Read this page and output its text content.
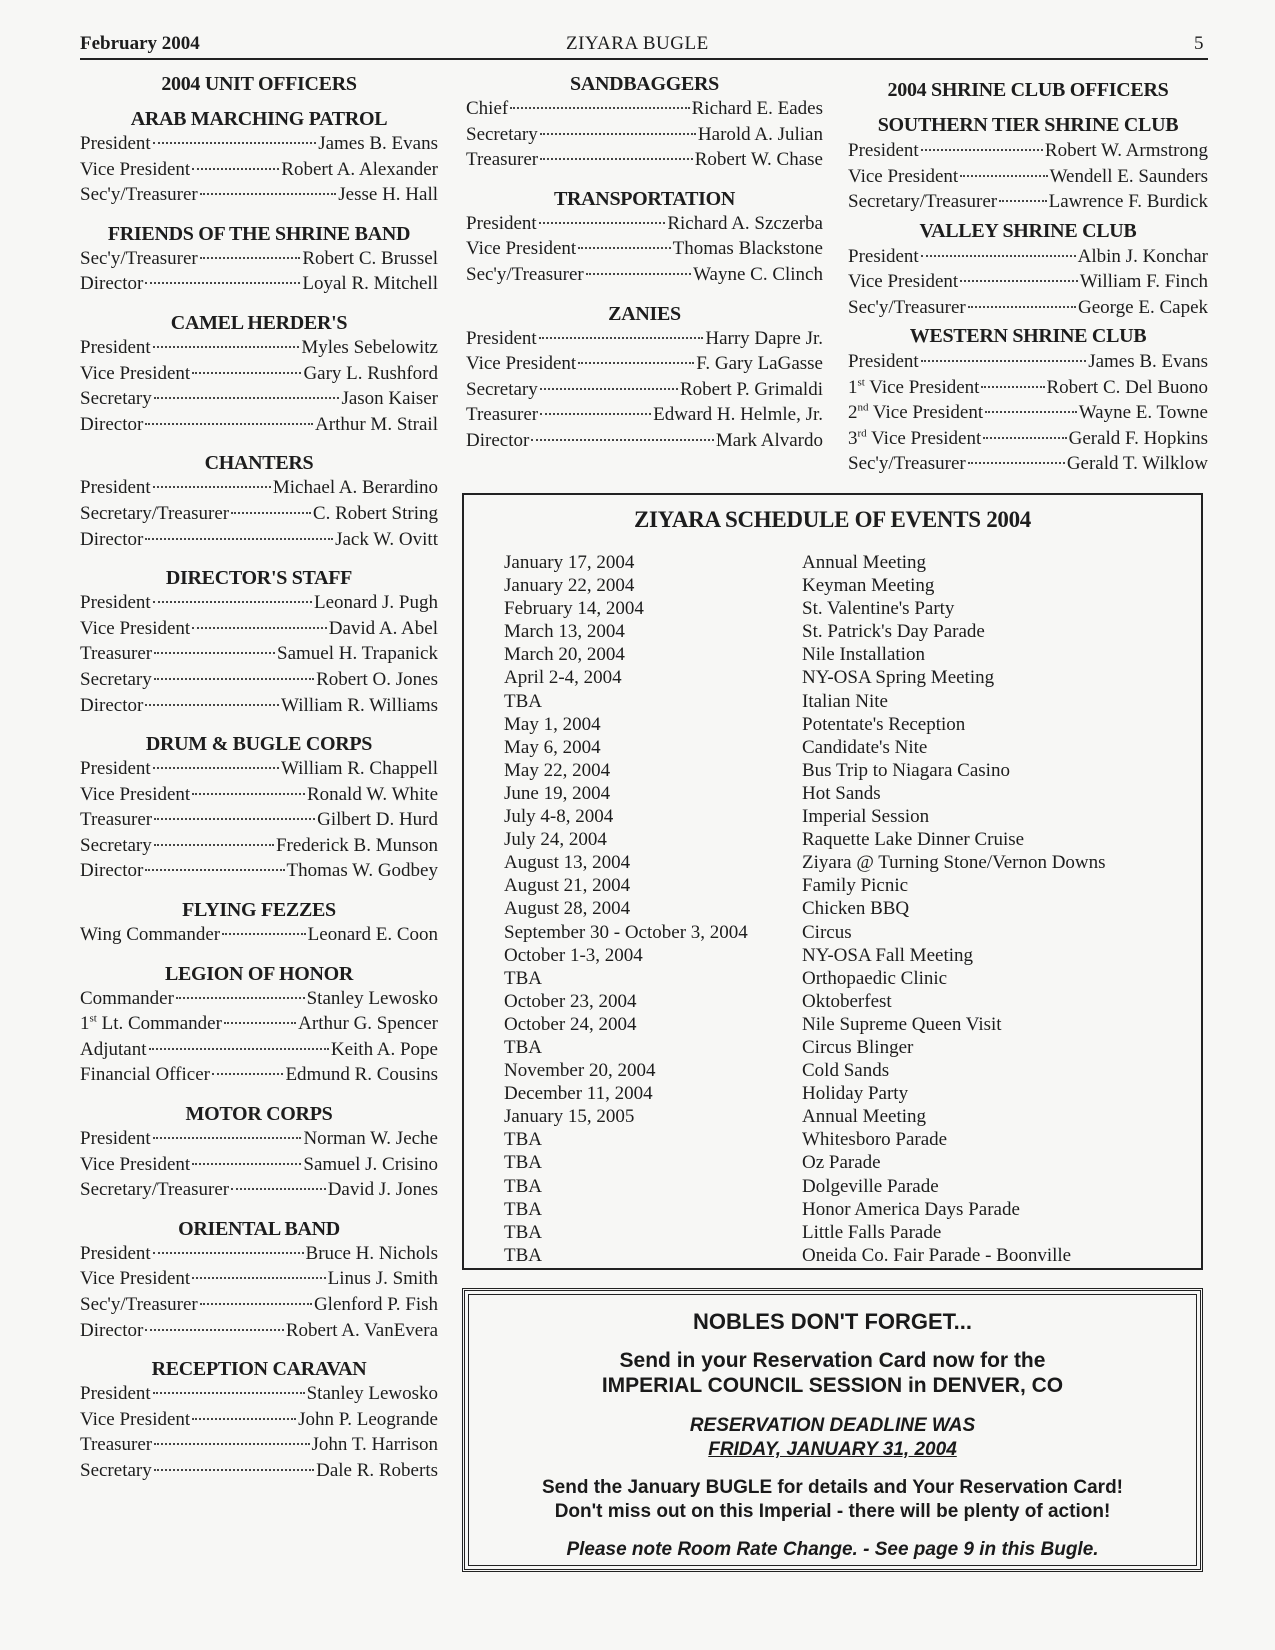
February 2004	ZIYARA BUGLE	5
2004 UNIT OFFICERS
ARAB MARCHING PATROL
President	James B. Evans
Vice President	Robert A. Alexander
Sec'y/Treasurer	Jesse H. Hall
FRIENDS OF THE SHRINE BAND
Sec'y/Treasurer	Robert C. Brussel
Director	Loyal R. Mitchell
CAMEL HERDER'S
President	Myles Sebelowitz
Vice President	Gary L. Rushford
Secretary	Jason Kaiser
Director	Arthur M. Strail
CHANTERS
President	Michael A. Berardino
Secretary/Treasurer	C. Robert String
Director	Jack W. Ovitt
DIRECTOR'S STAFF
President	Leonard J. Pugh
Vice President	David A. Abel
Treasurer	Samuel H. Trapanick
Secretary	Robert O. Jones
Director	William R. Williams
DRUM & BUGLE CORPS
President	William R. Chappell
Vice President	Ronald W. White
Treasurer	Gilbert D. Hurd
Secretary	Frederick B. Munson
Director	Thomas W. Godbey
FLYING FEZZES
Wing Commander	Leonard E. Coon
LEGION OF HONOR
Commander	Stanley Lewosko
1st Lt. Commander	Arthur G. Spencer
Adjutant	Keith A. Pope
Financial Officer	Edmund R. Cousins
MOTOR CORPS
President	Norman W. Jeche
Vice President	Samuel J. Crisino
Secretary/Treasurer	David J. Jones
ORIENTAL BAND
President	Bruce H. Nichols
Vice President	Linus J. Smith
Sec'y/Treasurer	Glenford P. Fish
Director	Robert A. VanEvera
RECEPTION CARAVAN
President	Stanley Lewosko
Vice President	John P. Leogrande
Treasurer	John T. Harrison
Secretary	Dale R. Roberts
SANDBAGGERS
Chief	Richard E. Eades
Secretary	Harold A. Julian
Treasurer	Robert W. Chase
TRANSPORTATION
President	Richard A. Szczerba
Vice President	Thomas Blackstone
Sec'y/Treasurer	Wayne C. Clinch
ZANIES
President	Harry Dapre Jr.
Vice President	F. Gary LaGasse
Secretary	Robert P. Grimaldi
Treasurer	Edward H. Helmle, Jr.
Director	Mark Alvardo
2004 SHRINE CLUB OFFICERS
SOUTHERN TIER SHRINE CLUB
President	Robert W. Armstrong
Vice President	Wendell E. Saunders
Secretary/Treasurer	Lawrence F. Burdick
VALLEY SHRINE CLUB
President	Albin J. Konchar
Vice President	William F. Finch
Sec'y/Treasurer	George E. Capek
WESTERN SHRINE CLUB
President	James B. Evans
1st Vice President	Robert C. Del Buono
2nd Vice President	Wayne E. Towne
3rd Vice President	Gerald F. Hopkins
Sec'y/Treasurer	Gerald T. Wilklow
ZIYARA SCHEDULE OF EVENTS 2004
January 17, 2004	Annual Meeting
January 22, 2004	Keyman Meeting
February 14, 2004	St. Valentine's Party
March 13, 2004	St. Patrick's Day Parade
March 20, 2004	Nile Installation
April 2-4, 2004	NY-OSA Spring Meeting
TBA	Italian Nite
May 1, 2004	Potentate's Reception
May 6, 2004	Candidate's Nite
May 22, 2004	Bus Trip to Niagara Casino
June 19, 2004	Hot Sands
July 4-8, 2004	Imperial Session
July 24, 2004	Raquette Lake Dinner Cruise
August 13, 2004	Ziyara @ Turning Stone/Vernon Downs
August 21, 2004	Family Picnic
August 28, 2004	Chicken BBQ
September 30 - October 3, 2004	Circus
October 1-3, 2004	NY-OSA Fall Meeting
TBA	Orthopaedic Clinic
October 23, 2004	Oktoberfest
October 24, 2004	Nile Supreme Queen Visit
TBA	Circus Blinger
November 20, 2004	Cold Sands
December 11, 2004	Holiday Party
January 15, 2005	Annual Meeting
TBA	Whitesboro Parade
TBA	Oz Parade
TBA	Dolgeville Parade
TBA	Honor America Days Parade
TBA	Little Falls Parade
TBA	Oneida Co. Fair Parade - Boonville
NOBLES DON'T FORGET...
Send in your Reservation Card now for the
IMPERIAL COUNCIL SESSION in DENVER, CO
RESERVATION DEADLINE WAS
FRIDAY, JANUARY 31, 2004
Send the January BUGLE for details and Your Reservation Card!
Don't miss out on this Imperial - there will be plenty of action!
Please note Room Rate Change. - See page 9 in this Bugle.
